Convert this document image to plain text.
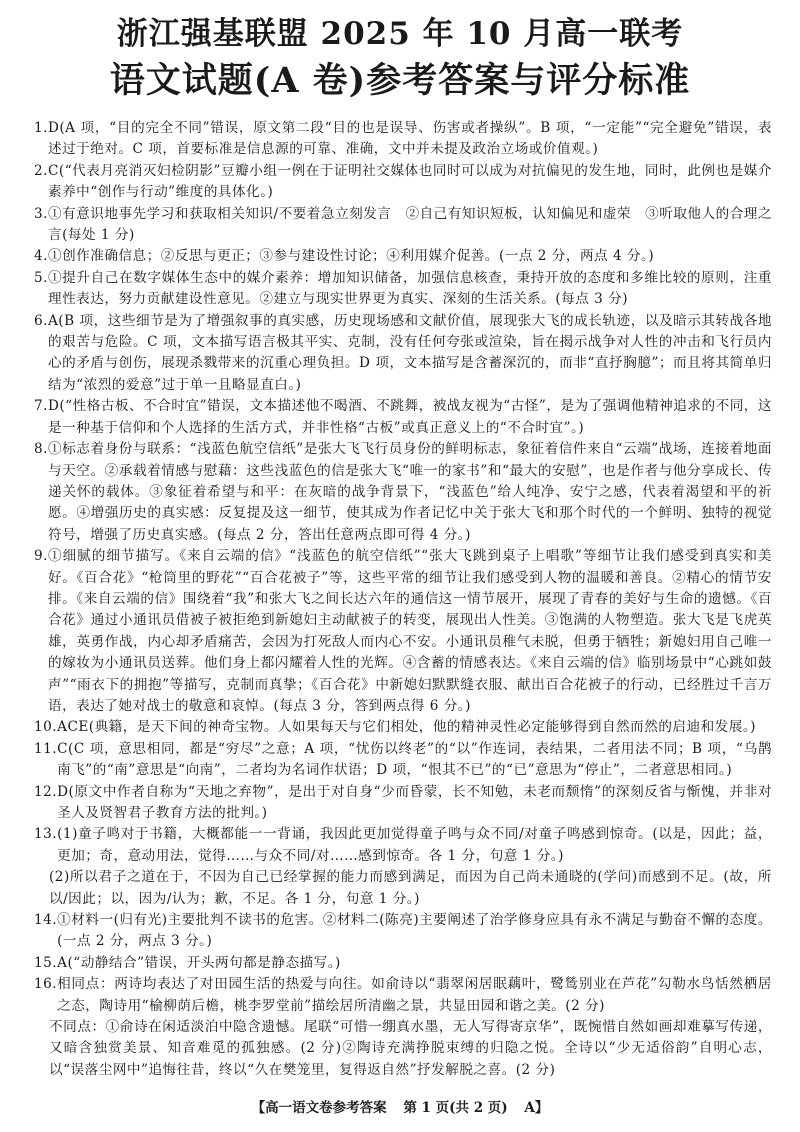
浙江强基联盟 2025 年 10 月高一联考
语文试题(A 卷)参考答案与评分标准
1. D(A 项，“目的完全不同”错误，原文第二段“目的也是误导、伤害或者操纵”。B 项，“一定能”“完全避免”错误，表述过于绝对。C 项，首要标准是信息源的可靠、准确，文中并未提及政治立场或价值观。)
2. C(“代表月亮消灭妇检阴影”豆瓣小组一例在于证明社交媒体也同时可以成为对抗偏见的发生地，同时，此例也是媒介素养中“创作与行动”维度的具体化。)
3. ①有意识地事先学习和获取相关知识/不要着急立刻发言　②自己有知识短板，认知偏见和虚荣　③听取他人的合理之言(每处 1 分)
4. ①创作准确信息；②反思与更正；③参与建设性讨论；④利用媒介促善。(一点 2 分，两点 4 分。)
5. ①提升自己在数字媒体生态中的媒介素养：增加知识储备，加强信息核查，秉持开放的态度和多维比较的原则，注重理性表达，努力贡献建设性意见。②建立与现实世界更为真实、深刻的生活关系。(每点 3 分)
6. A(B 项，这些细节是为了增强叙事的真实感，历史现场感和文献价值，展现张大飞的成长轨迹，以及暗示其转战各地的艰苦与危险。C 项，文本描写语言极其平实、克制，没有任何夸张或渲染，旨在揭示战争对人性的冲击和飞行员内心的矛盾与创伤，展现杀戮带来的沉重心理负担。D 项，文本描写是含蓄深沉的，而非“直抒胸臆”；而且将其简单归结为“浓烈的爱意”过于单一且略显直白。)
7. D(“性格古板、不合时宜”错误，文本描述他不喝酒、不跳舞，被战友视为“古怪”，是为了强调他精神追求的不同，这是一种基于信仰和个人选择的生活方式，并非性格“古板”或真正意义上的“不合时宜”。)
8. ①标志着身份与联系：“浅蓝色航空信纸”是张大飞飞行员身份的鲜明标志，象征着信件来自“云端”战场，连接着地面与天空。②承载着情感与慰藉：这些浅蓝色的信是张大飞“唯一的家书”和“最大的安慰”，也是作者与他分享成长、传递关怀的载体。③象征着希望与和平：在灰暗的战争背景下，“浅蓝色”给人纯净、安宁之感，代表着渴望和平的祈愿。④增强历史的真实感：反复提及这一细节，使其成为作者记忆中关于张大飞和那个时代的一个鲜明、独特的视觉符号，增强了历史真实感。(每点 2 分，答出任意两点即可得 4 分。)
9. ①细腻的细节描写。《来自云端的信》“浅蓝色的航空信纸”“张大飞跳到桌子上唱歌”等细节让我们感受到真实和美好。《百合花》“枪筒里的野花”“百合花被子”等，这些平常的细节让我们感受到人物的温暖和善良。②精心的情节安排。《来自云端的信》围绕着“我”和张大飞之间长达六年的通信这一情节展开，展现了青春的美好与生命的遗憾。《百合花》通过小通讯员借被子被拒绝到新媳妇主动献被子的转变，展现出人性美。③饱满的人物塑造。张大飞是飞虎英雄，英勇作战，内心却矛盾痛苦，会因为打死敌人而内心不安。小通讯员稚气未脱，但勇于牺牲；新媳妇用自己唯一的嫁妆为小通讯员送葬。他们身上都闪耀着人性的光辉。④含蓄的情感表达。《来自云端的信》临别场景中“心跳如鼓声”“雨衣下的拥抱”等描写，克制而真挚；《百合花》中新媳妇默默缝衣服、献出百合花被子的行动，已经胜过千言万语，表达了她对战士的敬意和哀悼。(每点 3 分，答到两点得 6 分。)
10. ACE(典籍，是天下间的神奇宝物。人如果每天与它们相处，他的精神灵性必定能够得到自然而然的启迪和发展。)
11. C(C 项，意思相同，都是“穷尽”之意；A 项，“忧伤以终老”的“以”作连词，表结果，二者用法不同；B 项，“乌鹊南飞”的“南”意思是“向南”，二者均为名词作状语；D 项，“恨其不已”的“已”意思为“停止”，二者意思相同。)
12. D(原文中作者自称为“天地之弃物”，是出于对自身“少而昏蒙，长不知勉，未老而颓惰”的深刻反省与惭愧，并非对圣人及贤智君子教育方法的批判。)
13. (1)童子鸣对于书籍，大概都能一一背诵，我因此更加觉得童子鸣与众不同/对童子鸣感到惊奇。(以是，因此；益，更加；奇，意动用法，觉得……与众不同/对……感到惊奇。各 1 分，句意 1 分。)
(2)所以君子之道在于，不因为自己已经掌握的能力而感到满足，而因为自己尚未通晓的(学问)而感到不足。(故，所以/因此；以，因为/认为；歉，不足。各 1 分，句意 1 分。)
14. ①材料一(归有光)主要批判不读书的危害。②材料二(陈亮)主要阐述了治学修身应具有永不满足与勤奋不懈的态度。(一点 2 分，两点 3 分。)
15. A(“动静结合”错误，开头两句都是静态描写。)
16. 相同点：两诗均表达了对田园生活的热爱与向往。如俞诗以“翡翠闲居眠藕叶，鹭鸶别业在芦花”勾勒水鸟恬然栖居之态，陶诗用“榆柳荫后檐，桃李罗堂前”描绘居所清幽之景，共显田园和谐之美。(2 分)
不同点：①俞诗在闲适淡泊中隐含遗憾。尾联“可惜一绷真水墨，无人写得寄京华”，既惋惜自然如画却难摹写传递，又暗含独赏美景、知音难觅的孤独感。(2 分)②陶诗充满挣脱束缚的归隐之悦。全诗以“少无适俗韵”自明心志，以“误落尘网中”追悔往昔，终以“久在樊笼里，复得返自然”抒发解脱之喜。(2 分)
【高一语文卷参考答案 第 1 页(共 2 页) A】
